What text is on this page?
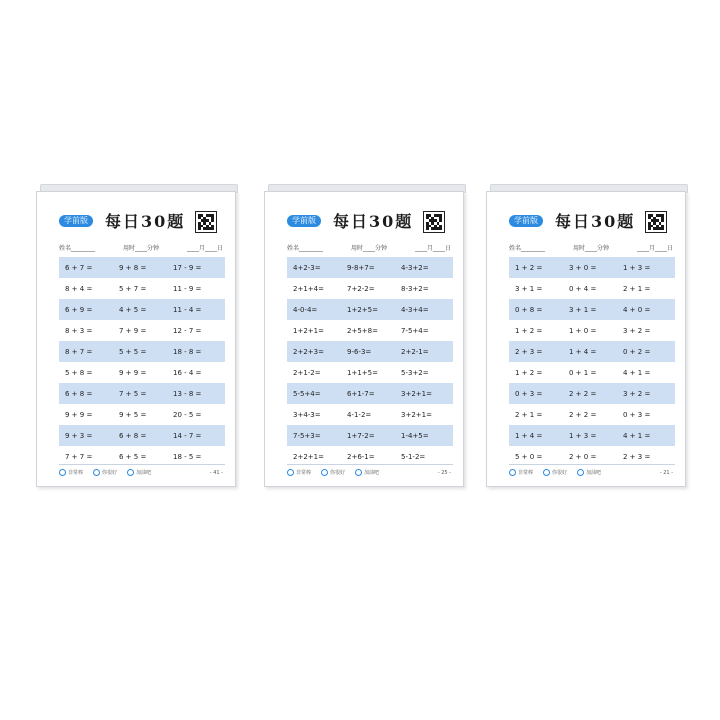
学前版	每日30题
姓名________	用时____分钟	____月____日
6 + 7 =	9 + 8 =	17 - 9 =
8 + 4 =	5 + 7 =	11 - 9 =
6 + 9 =	4 + 5 =	11 - 4 =
8 + 3 =	7 + 9 =	12 - 7 =
8 + 7 =	5 + 5 =	18 - 8 =
5 + 8 =	9 + 9 =	16 - 4 =
6 + 8 =	7 + 5 =	13 - 8 =
9 + 9 =	9 + 5 =	20 - 5 =
9 + 3 =	6 + 8 =	14 - 7 =
7 + 7 =	6 + 5 =	18 - 5 =
非常棒	你很好	加油吧	- 41 -
学前版	每日30题
姓名________	用时____分钟	____月____日
4+2-3=	9-8+7=	4-3+2=
2+1+4=	7+2-2=	8-3+2=
4-0-4=	1+2+5=	4-3+4=
1+2+1=	2+5+8=	7-5+4=
2+2+3=	9-6-3=	2+2-1=
2+1-2=	1+1+5=	5-3+2=
5-5+4=	6+1-7=	3+2+1=
3+4-3=	4-1-2=	3+2+1=
7-5+3=	1+7-2=	1-4+5=
2+2+1=	2+6-1=	5-1-2=
非常棒	你很好	加油吧	- 25 -
学前版	每日30题
姓名________	用时____分钟	____月____日
1 + 2 =	3 + 0 =	1 + 3 =
3 + 1 =	0 + 4 =	2 + 1 =
0 + 8 =	3 + 1 =	4 + 0 =
1 + 2 =	1 + 0 =	3 + 2 =
2 + 3 =	1 + 4 =	0 + 2 =
1 + 2 =	0 + 1 =	4 + 1 =
0 + 3 =	2 + 2 =	3 + 2 =
2 + 1 =	2 + 2 =	0 + 3 =
1 + 4 =	1 + 3 =	4 + 1 =
5 + 0 =	2 + 0 =	2 + 3 =
非常棒	你很好	加油吧	- 21 -
